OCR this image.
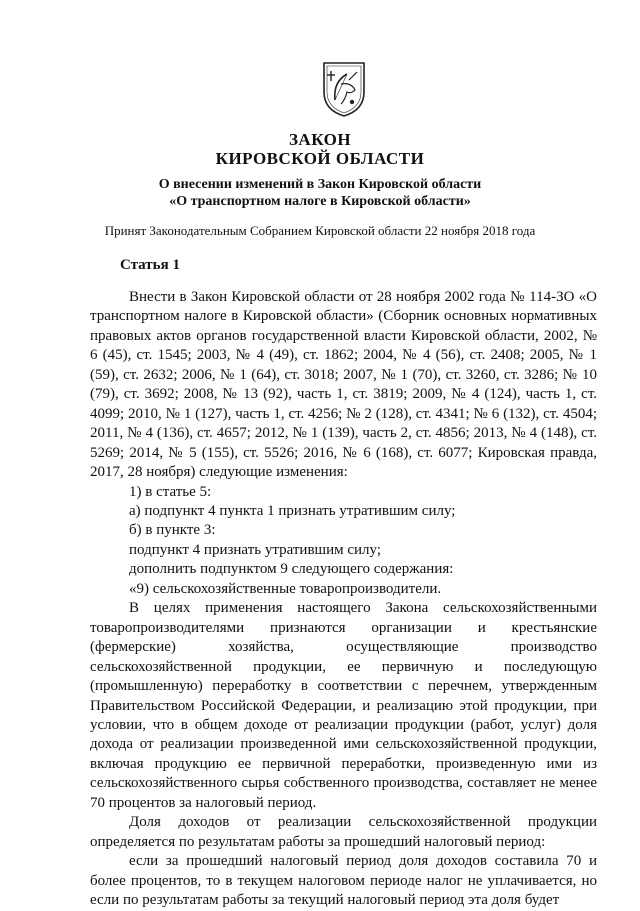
ЗАКОН
КИРОВСКОЙ ОБЛАСТИ
О внесении изменений в Закон Кировской области
«О транспортном налоге в Кировской области»
Принят Законодательным Собранием Кировской области 22 ноября 2018 года
Статья 1

Внести в Закон Кировской области от 28 ноября 2002 года № 114-ЗО «О транспортном налоге в Кировской области» (Сборник основных нормативных правовых актов органов государственной власти Кировской области, 2002, № 6 (45), ст. 1545; 2003, № 4 (49), ст. 1862; 2004, № 4 (56), ст. 2408; 2005, № 1 (59), ст. 2632; 2006, № 1 (64), ст. 3018; 2007, № 1 (70), ст. 3260, ст. 3286; № 10 (79), ст. 3692; 2008, № 13 (92), часть 1, ст. 3819; 2009, № 4 (124), часть 1, ст. 4099; 2010, № 1 (127), часть 1, ст. 4256; № 2 (128), ст. 4341; № 6 (132), ст. 4504; 2011, № 4 (136), ст. 4657; 2012, № 1 (139), часть 2, ст. 4856; 2013, № 4 (148), ст. 5269; 2014, № 5 (155), ст. 5526; 2016, № 6 (168), ст. 6077; Кировская правда, 2017, 28 ноября) следующие изменения:

1) в статье 5:

а) подпункт 4 пункта 1 признать утратившим силу;

б) в пункте 3:

подпункт 4 признать утратившим силу;

дополнить подпунктом 9 следующего содержания:

«9) сельскохозяйственные товаропроизводители.

В целях применения настоящего Закона сельскохозяйственными товаропроизводителями признаются организации и крестьянские (фермерские) хозяйства, осуществляющие производство сельскохозяйственной продукции, ее первичную и последующую (промышленную) переработку в соответствии с перечнем, утвержденным Правительством Российской Федерации, и реализацию этой продукции, при условии, что в общем доходе от реализации продукции (работ, услуг) доля дохода от реализации произведенной ими сельскохозяйственной продукции, включая продукцию ее первичной переработки, произведенную ими из сельскохозяйственного сырья собственного производства, составляет не менее 70 процентов за налоговый период.

Доля доходов от реализации сельскохозяйственной продукции определяется по результатам работы за прошедший налоговый период:

если за прошедший налоговый период доля доходов составила 70 и более процентов, то в текущем налоговом периоде налог не уплачивается, но если по результатам работы за текущий налоговый период эта доля будет
